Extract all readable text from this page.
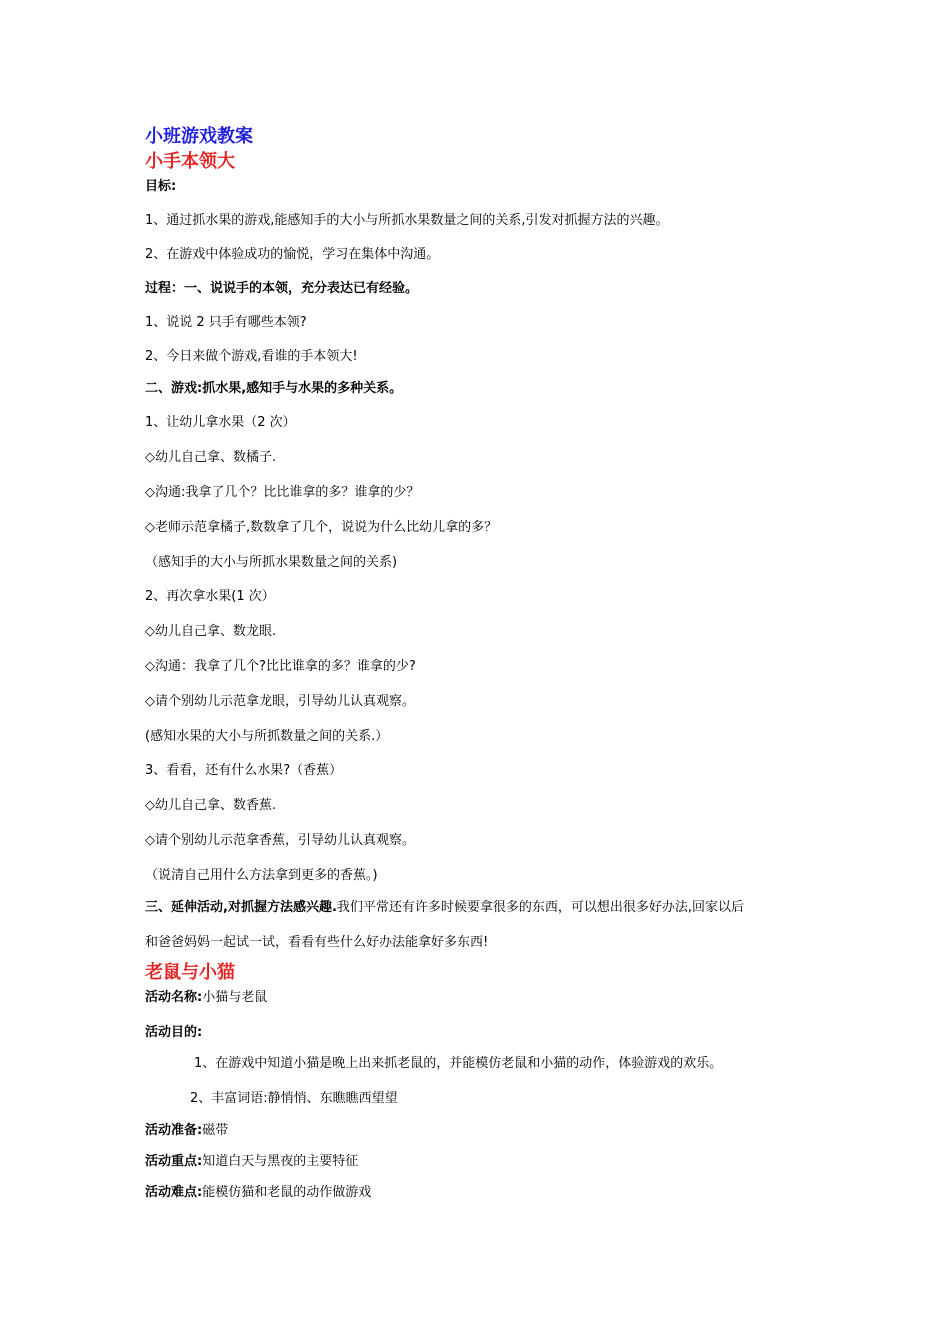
小班游戏教案
小手本领大
目标:
1、通过抓水果的游戏,能感知手的大小与所抓水果数量之间的关系,引发对抓握方法的兴趣。
2、在游戏中体验成功的愉悦，学习在集体中沟通。
过程：一、说说手的本领，充分表达已有经验。
1、说说 2 只手有哪些本领?
2、今日来做个游戏,看谁的手本领大!
二、游戏:抓水果,感知手与水果的多种关系。
1、让幼儿拿水果（2 次）
◇幼儿自己拿、数橘子.
◇沟通:我拿了几个？比比谁拿的多？谁拿的少？
◇老师示范拿橘子,数数拿了几个，说说为什么比幼儿拿的多？
（感知手的大小与所抓水果数量之间的关系)
2、再次拿水果(1 次）
◇幼儿自己拿、数龙眼.
◇沟通：我拿了几个?比比谁拿的多？谁拿的少?
◇请个别幼儿示范拿龙眼，引导幼儿认真观察。
(感知水果的大小与所抓数量之间的关系.）
3、看看，还有什么水果?（香蕉）
◇幼儿自己拿、数香蕉.
◇请个别幼儿示范拿香蕉，引导幼儿认真观察。
（说清自己用什么方法拿到更多的香蕉。)
三、延伸活动,对抓握方法感兴趣.我们平常还有许多时候要拿很多的东西，可以想出很多好办法,回家以后
和爸爸妈妈一起试一试，看看有些什么好办法能拿好多东西!
老鼠与小猫
活动名称:小猫与老鼠
活动目的:
1、在游戏中知道小猫是晚上出来抓老鼠的，并能模仿老鼠和小猫的动作，体验游戏的欢乐。
2、丰富词语:静悄悄、东瞧瞧西望望
活动准备:磁带
活动重点:知道白天与黑夜的主要特征
活动难点:能模仿猫和老鼠的动作做游戏
